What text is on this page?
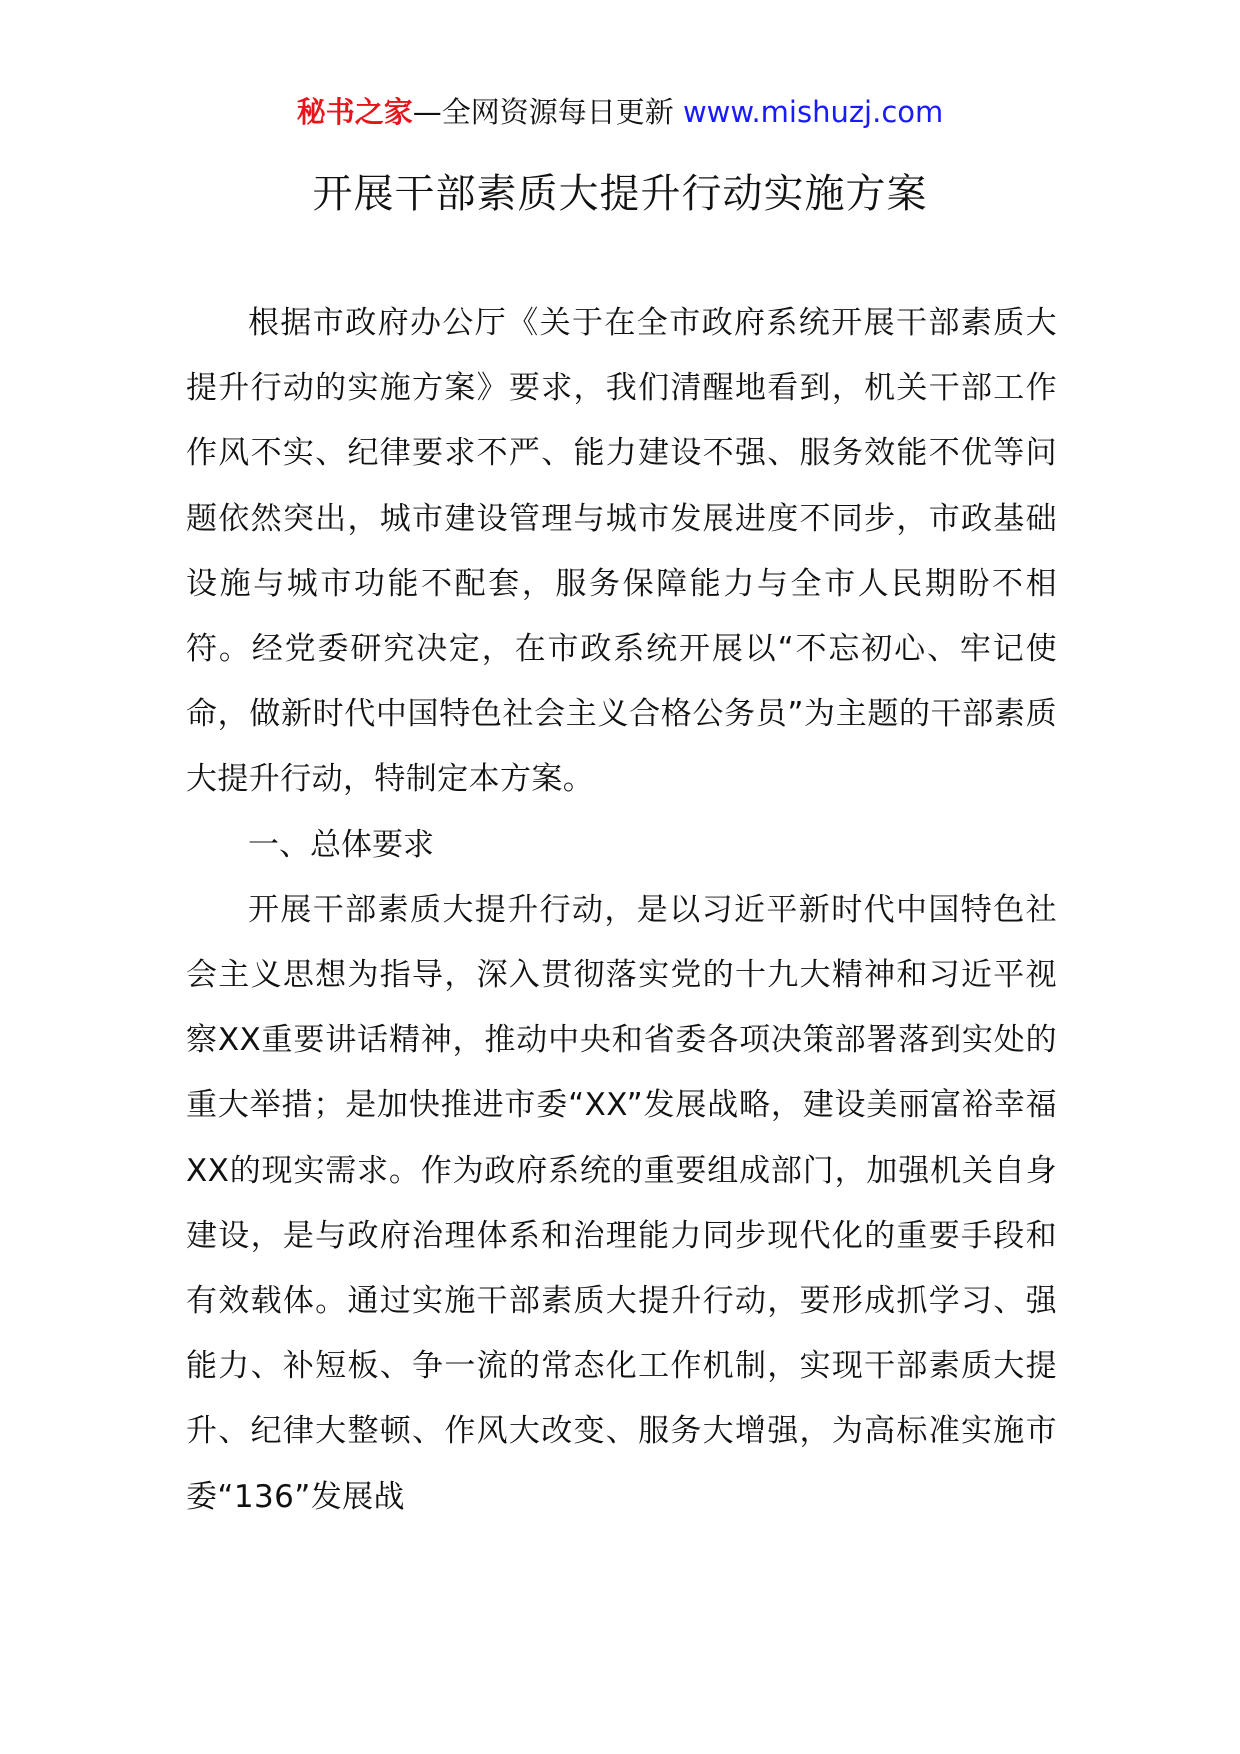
秘书之家—全网资源每日更新 www.mishuzj.com
开展干部素质大提升行动实施方案

根据市政府办公厅《关于在全市政府系统开展干部素质大提升行动的实施方案》要求，我们清醒地看到，机关干部工作作风不实、纪律要求不严、能力建设不强、服务效能不优等问题依然突出，城市建设管理与城市发展进度不同步，市政基础设施与城市功能不配套，服务保障能力与全市人民期盼不相符。经党委研究决定，在市政系统开展以“不忘初心、牢记使命，做新时代中国特色社会主义合格公务员”为主题的干部素质大提升行动，特制定本方案。

一、总体要求

开展干部素质大提升行动，是以习近平新时代中国特色社会主义思想为指导，深入贯彻落实党的十九大精神和习近平视察XX重要讲话精神，推动中央和省委各项决策部署落到实处的重大举措；是加快推进市委“XX”发展战略，建设美丽富裕幸福XX的现实需求。作为政府系统的重要组成部门，加强机关自身建设，是与政府治理体系和治理能力同步现代化的重要手段和有效载体。通过实施干部素质大提升行动，要形成抓学习、强能力、补短板、争一流的常态化工作机制，实现干部素质大提升、纪律大整顿、作风大改变、服务大增强，为高标准实施市委“136”发展战
